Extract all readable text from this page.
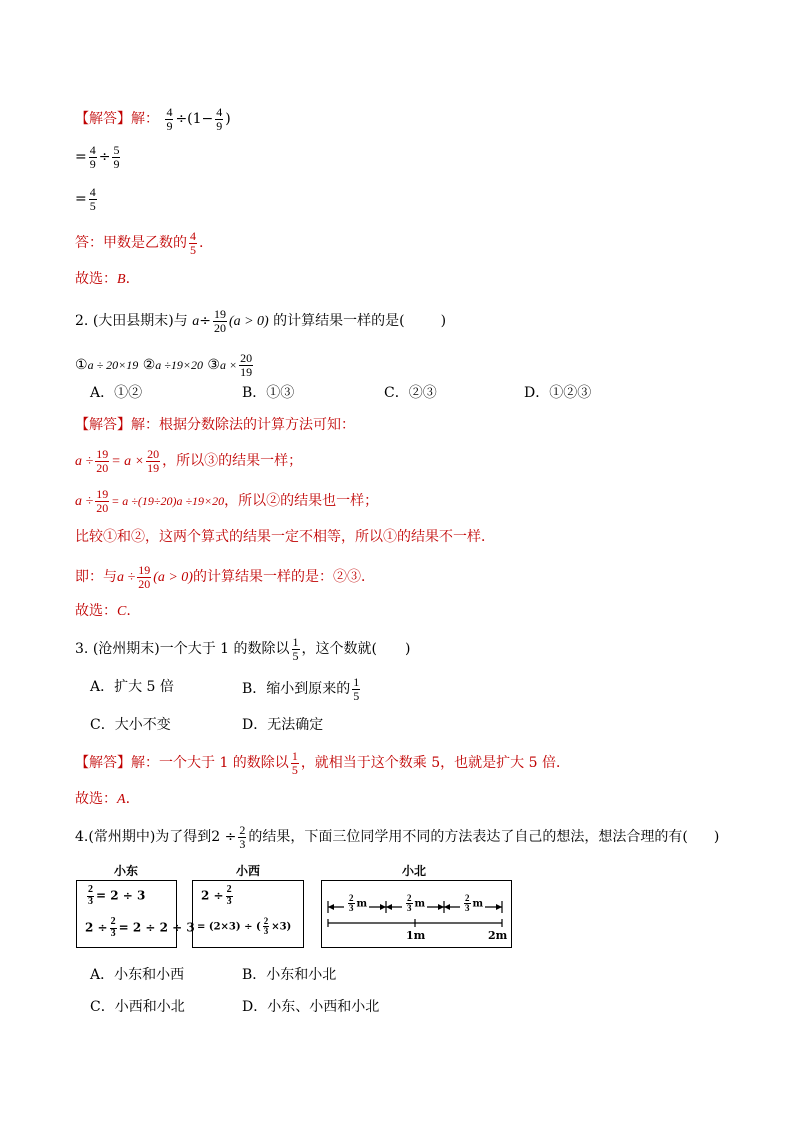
【解答】解： $\frac{4}{9} \div(1- \frac{4}{9}$ )
= $\frac{4}{9} \div \frac{5}{9}$
= $\frac{4}{5}$
答：甲数是乙数的 $\frac{4}{5}$ .
故选：B.
2. (大田县期末)与 $a\div \frac{19}{20} (a > 0)$ 的计算结果一样的是(	)
①a ÷ 20×19 ②a ÷19×20 ③a × $\frac{20}{19}$
A．①②	B．①③	C．②③	D．①②③
【解答】解：根据分数除法的计算方法可知：
$a \div \frac{19}{20} = a \times \frac{20}{19}$ ，所以③的结果一样；
$a \div \frac{19}{20} = a \div(19\div 20)a \div 19\times 20$，所以②的结果也一样；
比较①和②，这两个算式的结果一定不相等，所以①的结果不一样．
即：与$a \div \frac{19}{20} (a > 0)$的计算结果一样的是：②③．
故选：C.
3. (沧州期末)一个大于 1 的数除以 $\frac{1}{5}$ ，这个数就( )
A．扩大 5 倍	B．缩小到原来的 $\frac{1}{5}$
C．大小不变	D．无法确定
【解答】解：一个大于 1 的数除以 $\frac{1}{5}$ ，就相当于这个数乘 5，也就是扩大 5 倍．
故选：A.
4.(常州期中)为了得到$2 \div \frac{2}{3}$ 的结果，下面三位同学用不同的方法表达了自己的想法，想法合理的有( )
小东
$\frac{2}{3} = 2 \div 3$
$2 \div \frac{2}{3} = 2 \div 2 \div 3$
小西
$2 \div \frac{2}{3}$
= (2×3) ÷ ( $\frac{2}{3} \times 3$)
小北
$\frac{2}{3}$ m	$\frac{2}{3}$ m	$\frac{2}{3}$ m
1m	2m
A．小东和小西	B．小东和小北
C．小西和小北	D．小东、小西和小北
